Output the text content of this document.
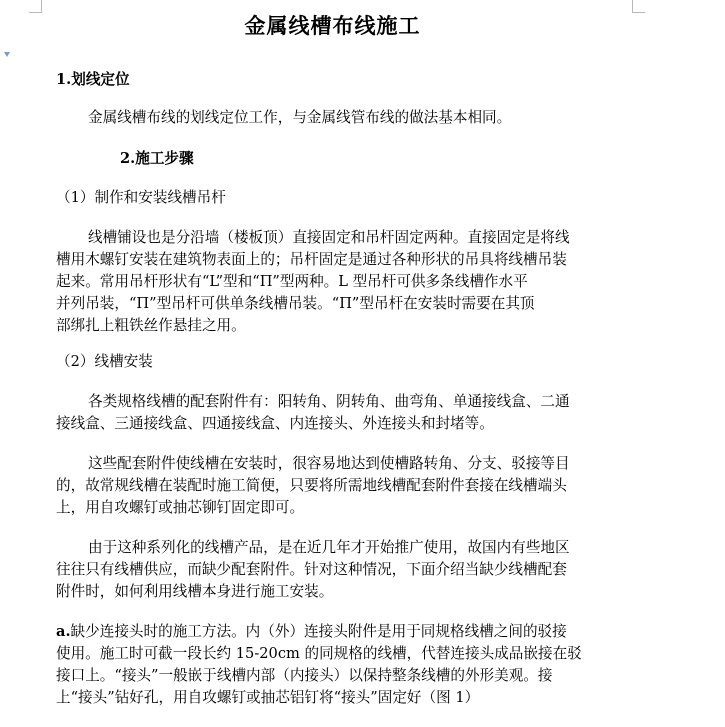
金属线槽布线施工
1.划线定位
金属线槽布线的划线定位工作，与金属线管布线的做法基本相同。
2.施工步骤
（1）制作和安装线槽吊杆
线槽铺设也是分沿墙（楼板顶）直接固定和吊杆固定两种。直接固定是将线
槽用木螺钉安装在建筑物表面上的；吊杆固定是通过各种形状的吊具将线槽吊装
起来。常用吊杆形状有“L”型和“Π”型两种。L 型吊杆可供多条线槽作水平
并列吊装，“Π”型吊杆可供单条线槽吊装。“Π”型吊杆在安装时需要在其顶
部绑扎上粗铁丝作悬挂之用。
（2）线槽安装
各类规格线槽的配套附件有：阳转角、阴转角、曲弯角、单通接线盒、二通
接线盒、三通接线盒、四通接线盒、内连接头、外连接头和封堵等。
这些配套附件使线槽在安装时，很容易地达到使槽路转角、分支、驳接等目
的，故常规线槽在装配时施工简便，只要将所需地线槽配套附件套接在线槽端头
上，用自攻螺钉或抽芯铆钉固定即可。
由于这种系列化的线槽产品，是在近几年才开始推广使用，故国内有些地区
往往只有线槽供应，而缺少配套附件。针对这种情况，下面介绍当缺少线槽配套
附件时，如何利用线槽本身进行施工安装。
a.缺少连接头时的施工方法。内（外）连接头附件是用于同规格线槽之间的驳接
使用。施工时可截一段长约 15-20cm 的同规格的线槽，代替连接头成品嵌接在驳
接口上。“接头”一般嵌于线槽内部（内接头）以保持整条线槽的外形美观。接
上“接头”钻好孔，用自攻螺钉或抽芯铝钉将“接头”固定好（图 1）
